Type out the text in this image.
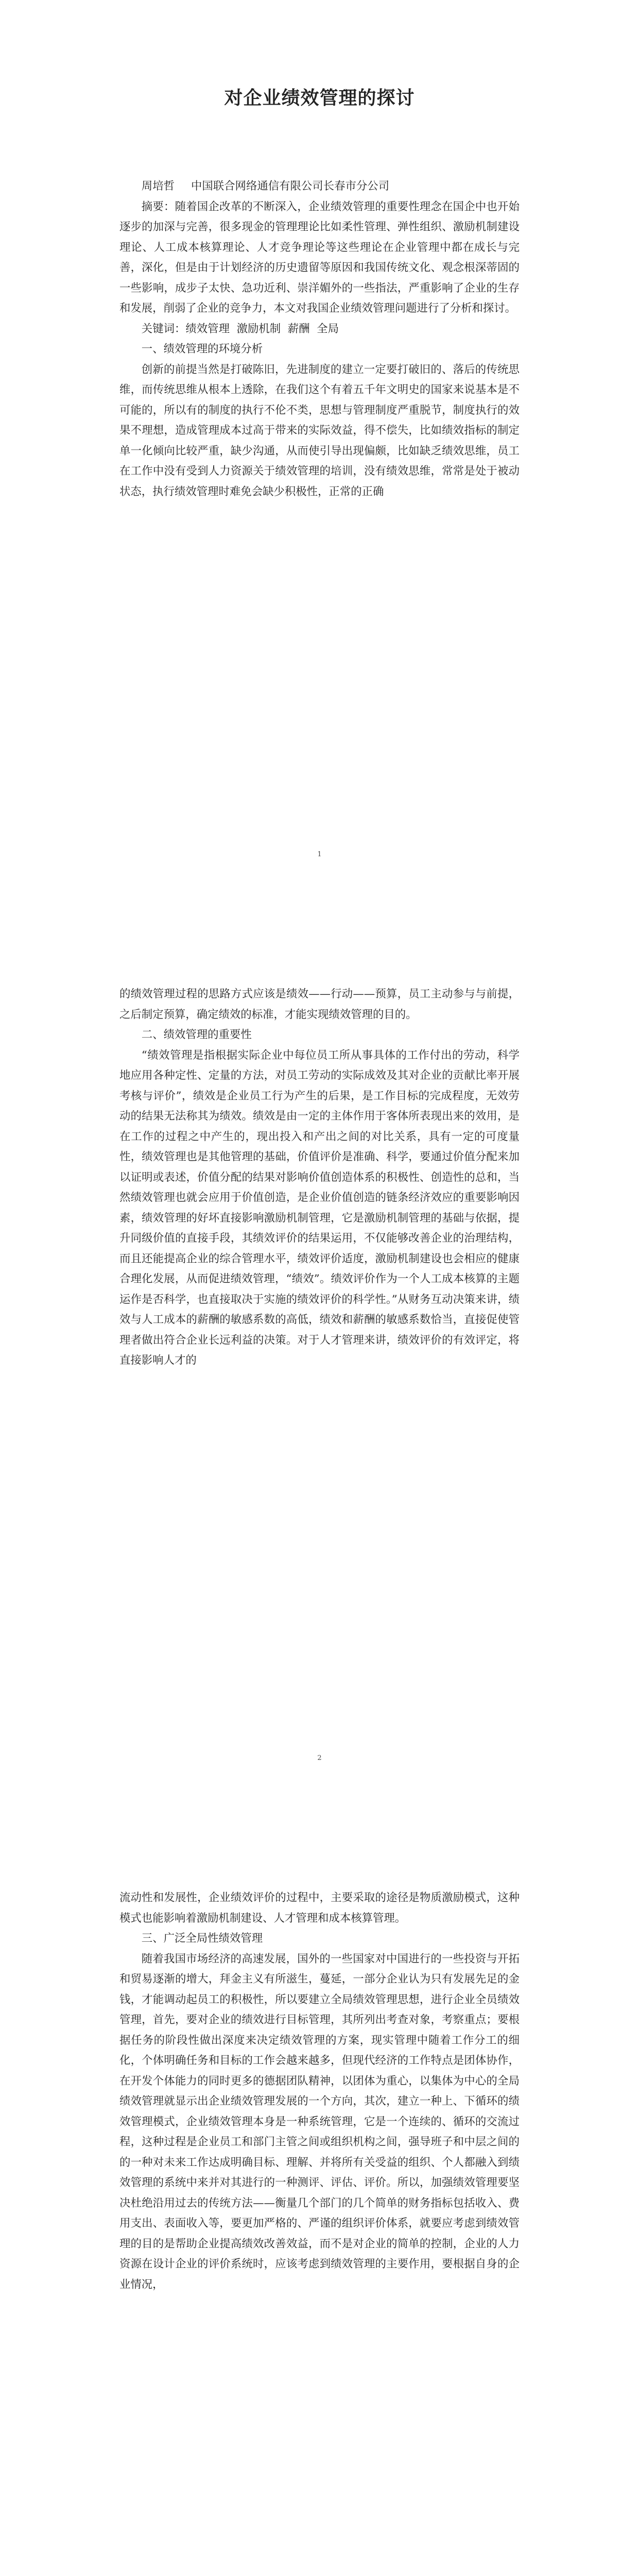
对企业绩效管理的探讨

周培哲 中国联合网络通信有限公司长春市分公司

摘要：随着国企改革的不断深入，企业绩效管理的重要性理念在国企中也开始逐步的加深与完善，很多现金的管理理论比如柔性管理、弹性组织、激励机制建设理论、人工成本核算理论、人才竞争理论等这些理论在企业管理中都在成长与完善，深化，但是由于计划经济的历史遗留等原因和我国传统文化、观念根深蒂固的一些影响，成步子太快、急功近利、崇洋媚外的一些指法，严重影响了企业的生存和发展，削弱了企业的竞争力，本文对我国企业绩效管理问题进行了分析和探讨。

关键词：绩效管理 激励机制 薪酬 全局

一、绩效管理的环境分析

创新的前提当然是打破陈旧，先进制度的建立一定要打破旧的、落后的传统思维，而传统思维从根本上透除，在我们这个有着五千年文明史的国家来说基本是不可能的，所以有的制度的执行不伦不类，思想与管理制度严重脱节，制度执行的效果不理想，造成管理成本过高于带来的实际效益，得不偿失，比如绩效指标的制定单一化倾向比较严重，缺少沟通，从而使引导出现偏颇，比如缺乏绩效思维，员工在工作中没有受到人力资源关于绩效管理的培训，没有绩效思维，常常是处于被动状态，执行绩效管理时难免会缺少积极性，正常的正确

1

的绩效管理过程的思路方式应该是绩效——行动——预算，员工主动参与与前提，之后制定预算，确定绩效的标准，才能实现绩效管理的目的。

二、绩效管理的重要性

“绩效管理是指根据实际企业中每位员工所从事具体的工作付出的劳动，科学地应用各种定性、定量的方法，对员工劳动的实际成效及其对企业的贡献比率开展考核与评价”，绩效是企业员工行为产生的后果，是工作目标的完成程度，无效劳动的结果无法称其为绩效。绩效是由一定的主体作用于客体所表现出来的效用，是在工作的过程之中产生的，现出投入和产出之间的对比关系，具有一定的可度量性，绩效管理也是其他管理的基础，价值评价是准确、科学，要通过价值分配来加以证明或表述，价值分配的结果对影响价值创造体系的积极性、创造性的总和，当然绩效管理也就会应用于价值创造，是企业价值创造的链条经济效应的重要影响因素，绩效管理的好坏直接影响激励机制管理，它是激励机制管理的基础与依据，提升同级价值的直接手段，其绩效评价的结果运用，不仅能够改善企业的治理结构，而且还能提高企业的综合管理水平，绩效评价适度，激励机制建设也会相应的健康合理化发展，从而促进绩效管理，“绩效”。绩效评价作为一个人工成本核算的主题运作是否科学，也直接取决于实施的绩效评价的科学性。”从财务互动决策来讲，绩效与人工成本的薪酬的敏感系数的高低，绩效和薪酬的敏感系数恰当，直接促使管理者做出符合企业长远利益的决策。对于人才管理来讲，绩效评价的有效评定，将直接影响人才的

2

流动性和发展性，企业绩效评价的过程中，主要采取的途径是物质激励模式，这种模式也能影响着激励机制建设、人才管理和成本核算管理。

三、广泛全局性绩效管理

随着我国市场经济的高速发展，国外的一些国家对中国进行的一些投资与开拓和贸易逐渐的增大，拜金主义有所滋生，蔓延，一部分企业认为只有发展先足的金钱，才能调动起员工的积极性，所以要建立全局绩效管理思想，进行企业全员绩效管理，首先，要对企业的绩效进行目标管理，其所列出考查对象，考察重点；要根据任务的阶段性做出深度来决定绩效管理的方案，现实管理中随着工作分工的细化，个体明确任务和目标的工作会越来越多，但现代经济的工作特点是团体协作，在开发个体能力的同时更多的德据团队精神，以团体为重心，以集体为中心的全局绩效管理就显示出企业绩效管理发展的一个方向，其次，建立一种上、下循环的绩效管理模式，企业绩效管理本身是一种系统管理，它是一个连续的、循环的交流过程，这种过程是企业员工和部门主管之间或组织机构之间，强导班子和中层之间的的一种对未来工作达成明确目标、理解、并将所有关受益的组织、个人都融入到绩效管理的系统中来并对其进行的一种测评、评估、评价。所以，加强绩效管理要坚决杜绝沿用过去的传统方法——衡量几个部门的几个简单的财务指标包括收入、费用支出、表面收入等，要更加严格的、严谨的组织评价体系，就要应考虑到绩效管理的目的是帮助企业提高绩效改善效益，而不是对企业的简单的控制，企业的人力资源在设计企业的评价系统时，应该考虑到绩效管理的主要作用，要根据自身的企业情况，
